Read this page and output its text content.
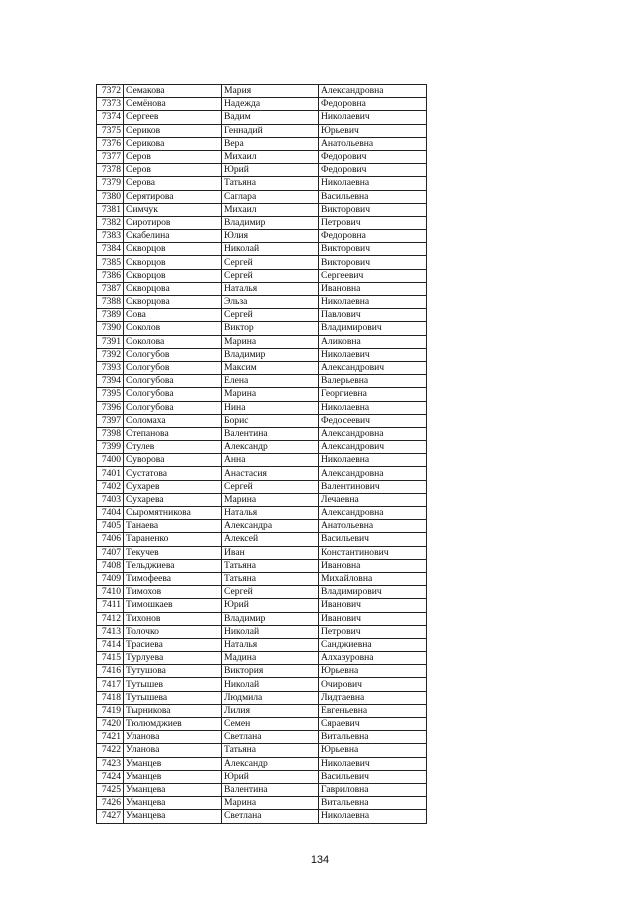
7372	Семакова	Мария	Александровна
7373	Семёнова	Надежда	Федоровна
7374	Сергеев	Вадим	Николаевич
7375	Сериков	Геннадий	Юрьевич
7376	Серикова	Вера	Анатольевна
7377	Серов	Михаил	Федорович
7378	Серов	Юрий	Федорович
7379	Серова	Татьяна	Николаевна
7380	Серятирова	Саглара	Васильевна
7381	Симчук	Михаил	Викторович
7382	Сиротиров	Владимир	Петрович
7383	Скабелина	Юлия	Федоровна
7384	Скворцов	Николай	Викторович
7385	Скворцов	Сергей	Викторович
7386	Скворцов	Сергей	Сергеевич
7387	Скворцова	Наталья	Ивановна
7388	Скворцова	Эльза	Николаевна
7389	Сова	Сергей	Павлович
7390	Соколов	Виктор	Владимирович
7391	Соколова	Марина	Аликовна
7392	Сологубов	Владимир	Николаевич
7393	Сологубов	Максим	Александрович
7394	Сологубова	Елена	Валерьевна
7395	Сологубова	Марина	Георгиевна
7396	Сологубова	Нина	Николаевна
7397	Соломаха	Борис	Федосеевич
7398	Степанова	Валентина	Александровна
7399	Стулев	Александр	Александрович
7400	Суворова	Анна	Николаевна
7401	Сустатова	Анастасия	Александровна
7402	Сухарев	Сергей	Валентинович
7403	Сухарева	Марина	Лечаевна
7404	Сыромятникова	Наталья	Александровна
7405	Танаева	Александра	Анатольевна
7406	Тараненко	Алексей	Васильевич
7407	Текучев	Иван	Константинович
7408	Тельджиева	Татьяна	Ивановна
7409	Тимофеева	Татьяна	Михайловна
7410	Тимохов	Сергей	Владимирович
7411	Тимошкаев	Юрий	Иванович
7412	Тихонов	Владимир	Иванович
7413	Толочко	Николай	Петрович
7414	Трасиева	Наталья	Санджиевна
7415	Турлуева	Мадина	Алхазуровна
7416	Тутушова	Виктория	Юрьевна
7417	Тутышев	Николай	Очирович
7418	Тутышева	Людмила	Лидтаевна
7419	Тырникова	Лилия	Евгеньевна
7420	Тюлюмджиев	Семен	Сяраевич
7421	Уланова	Светлана	Витальевна
7422	Уланова	Татьяна	Юрьевна
7423	Уманцев	Александр	Николаевич
7424	Уманцев	Юрий	Васильевич
7425	Уманцева	Валентина	Гавриловна
7426	Уманцева	Марина	Витальевна
7427	Уманцева	Светлана	Николаевна
134
